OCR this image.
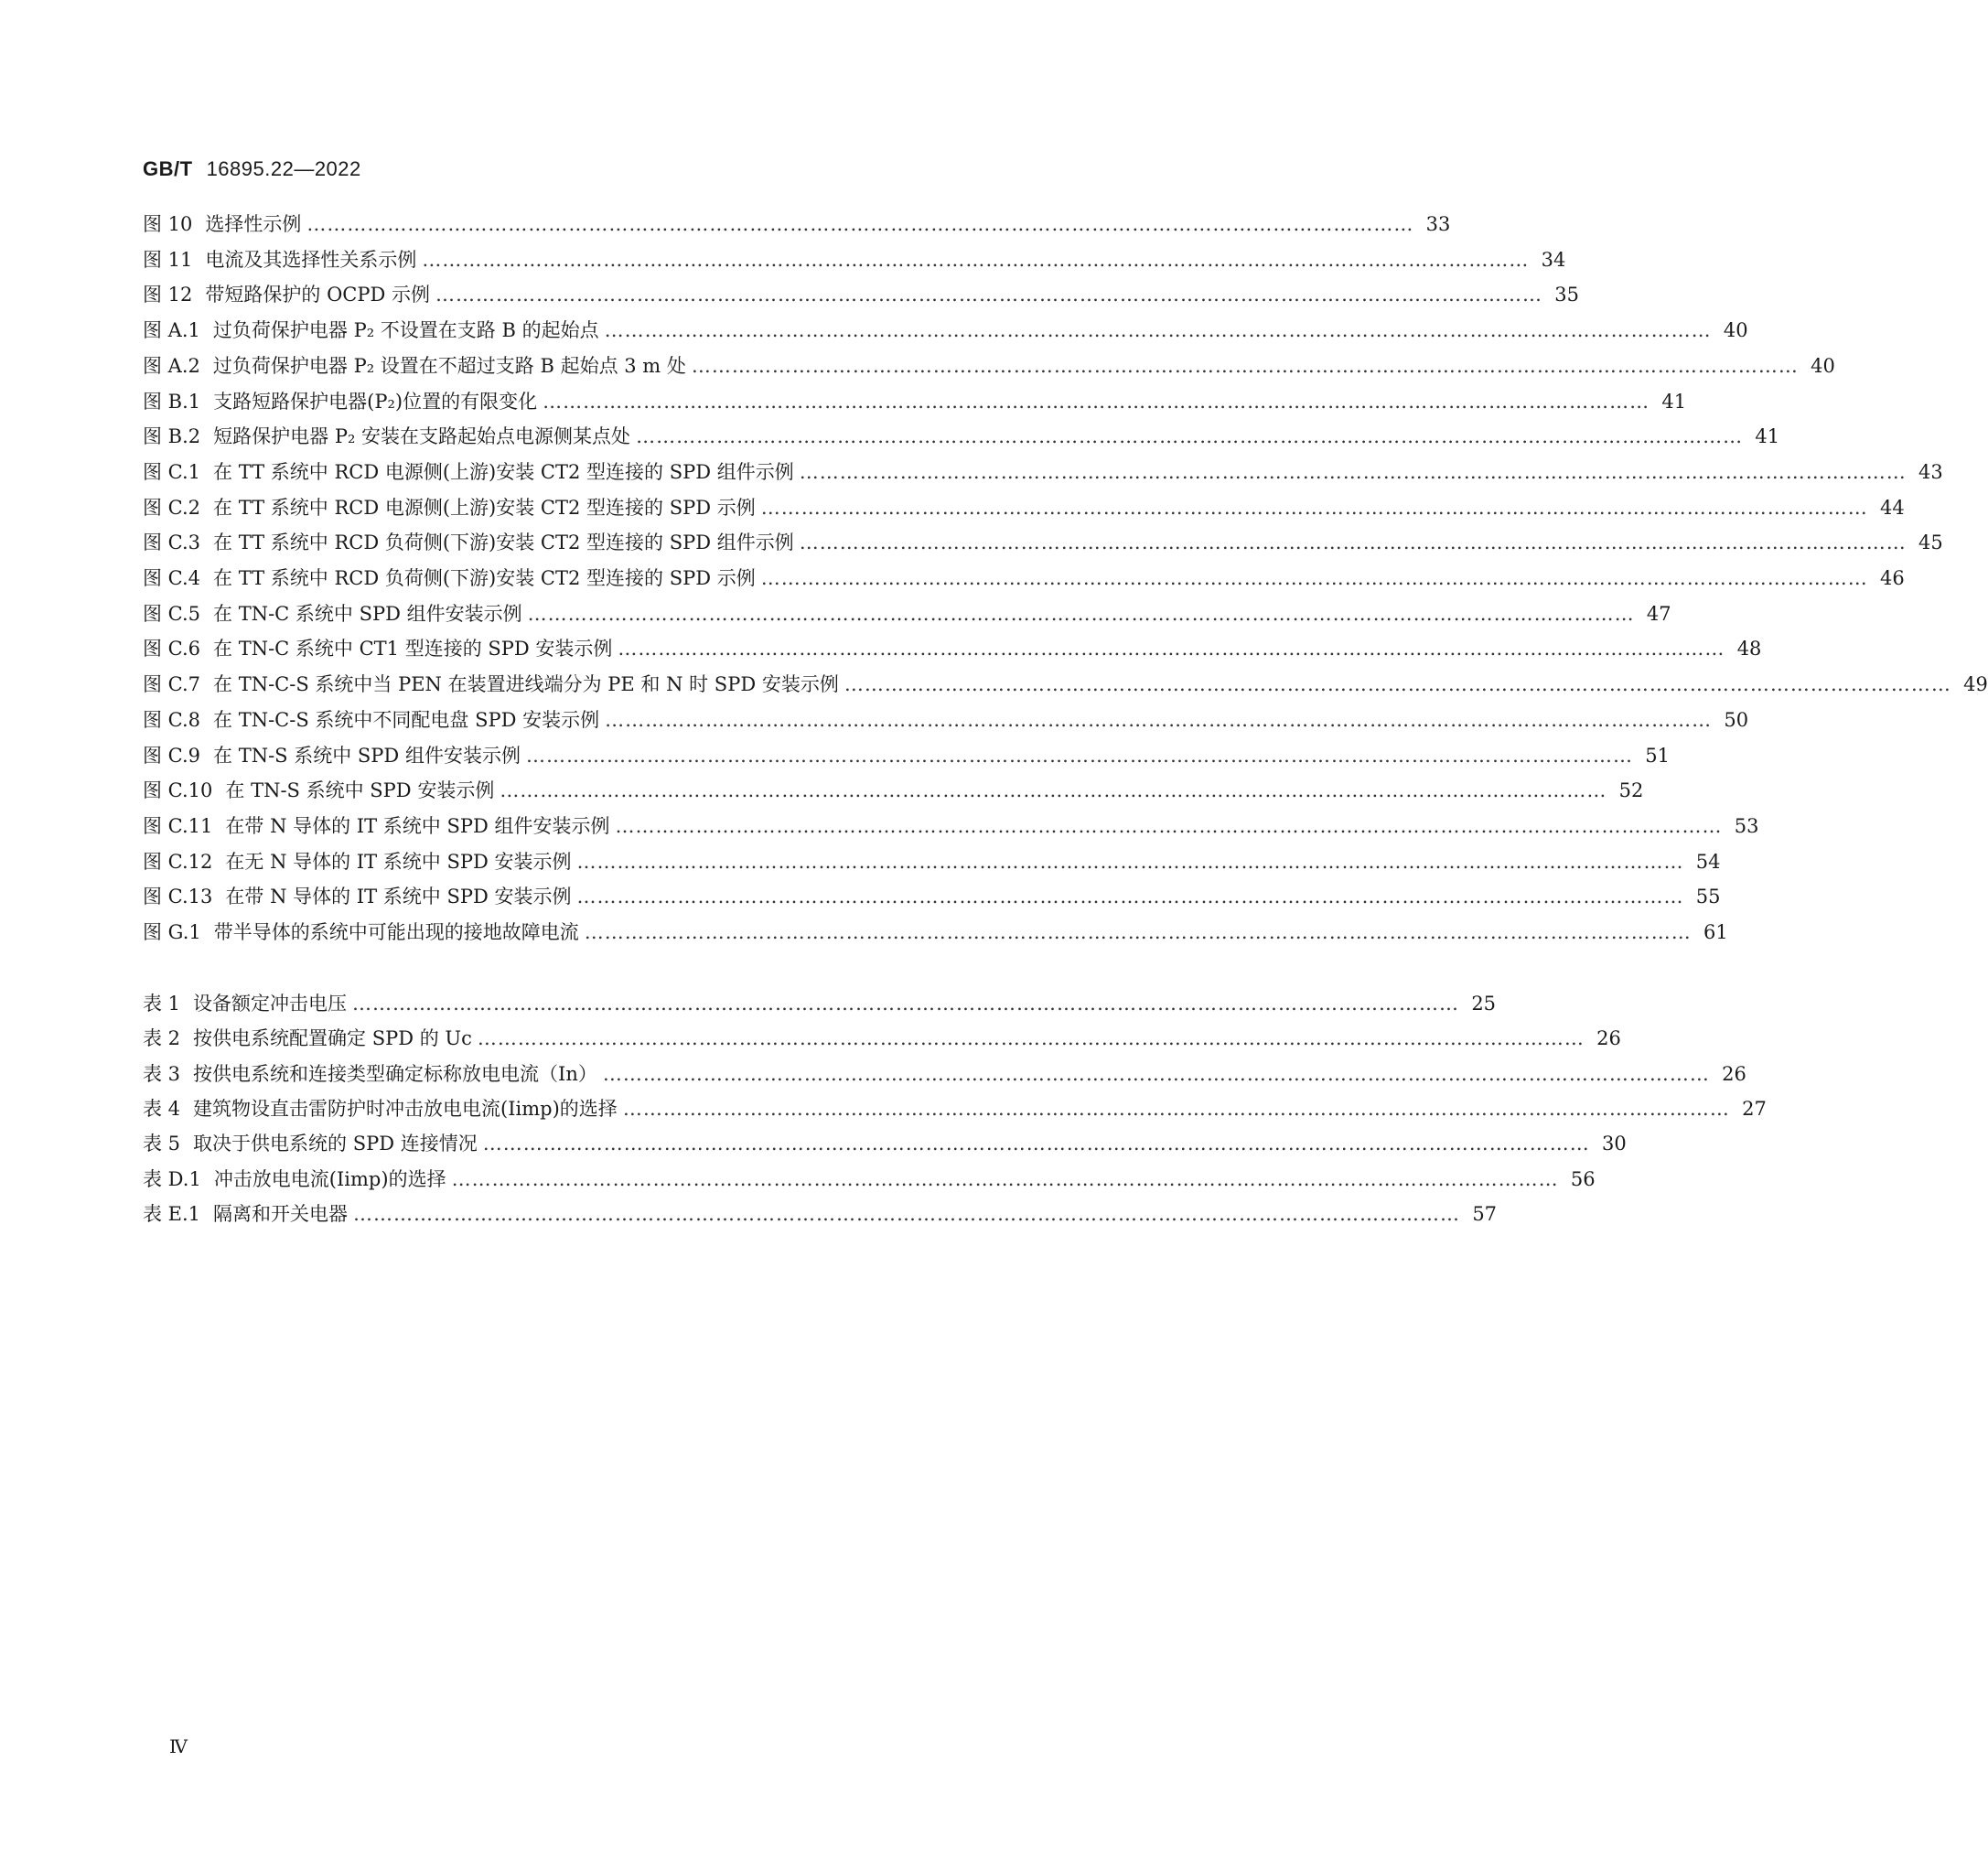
GB/T 16895.22—2022
图 10 选择性示例 …………………………………………………………………………………………………………………………………………………	33
图 11 电流及其选择性关系示例 …………………………………………………………………………………………………………………………………………………	34
图 12 带短路保护的 OCPD 示例 …………………………………………………………………………………………………………………………………………………	35
图 A.1 过负荷保护电器 P₂ 不设置在支路 B 的起始点 …………………………………………………………………………………………………………………………………………………	40
图 A.2 过负荷保护电器 P₂ 设置在不超过支路 B 起始点 3 m 处 …………………………………………………………………………………………………………………………………………………	40
图 B.1 支路短路保护电器(P₂)位置的有限变化 …………………………………………………………………………………………………………………………………………………	41
图 B.2 短路保护电器 P₂ 安装在支路起始点电源侧某点处 …………………………………………………………………………………………………………………………………………………	41
图 C.1 在 TT 系统中 RCD 电源侧(上游)安装 CT2 型连接的 SPD 组件示例 …………………………………………………………………………………………………………………………………………………	43
图 C.2 在 TT 系统中 RCD 电源侧(上游)安装 CT2 型连接的 SPD 示例 …………………………………………………………………………………………………………………………………………………	44
图 C.3 在 TT 系统中 RCD 负荷侧(下游)安装 CT2 型连接的 SPD 组件示例 …………………………………………………………………………………………………………………………………………………	45
图 C.4 在 TT 系统中 RCD 负荷侧(下游)安装 CT2 型连接的 SPD 示例 …………………………………………………………………………………………………………………………………………………	46
图 C.5 在 TN-C 系统中 SPD 组件安装示例 …………………………………………………………………………………………………………………………………………………	47
图 C.6 在 TN-C 系统中 CT1 型连接的 SPD 安装示例 …………………………………………………………………………………………………………………………………………………	48
图 C.7 在 TN-C-S 系统中当 PEN 在装置进线端分为 PE 和 N 时 SPD 安装示例 …………………………………………………………………………………………………………………………………………………	49
图 C.8 在 TN-C-S 系统中不同配电盘 SPD 安装示例 …………………………………………………………………………………………………………………………………………………	50
图 C.9 在 TN-S 系统中 SPD 组件安装示例 …………………………………………………………………………………………………………………………………………………	51
图 C.10 在 TN-S 系统中 SPD 安装示例 …………………………………………………………………………………………………………………………………………………	52
图 C.11 在带 N 导体的 IT 系统中 SPD 组件安装示例 …………………………………………………………………………………………………………………………………………………	53
图 C.12 在无 N 导体的 IT 系统中 SPD 安装示例 …………………………………………………………………………………………………………………………………………………	54
图 C.13 在带 N 导体的 IT 系统中 SPD 安装示例 …………………………………………………………………………………………………………………………………………………	55
图 G.1 带半导体的系统中可能出现的接地故障电流 …………………………………………………………………………………………………………………………………………………	61
表 1 设备额定冲击电压 …………………………………………………………………………………………………………………………………………………	25
表 2 按供电系统配置确定 SPD 的 Uc …………………………………………………………………………………………………………………………………………………	26
表 3 按供电系统和连接类型确定标称放电电流（In） …………………………………………………………………………………………………………………………………………………	26
表 4 建筑物设直击雷防护时冲击放电电流(Iimp)的选择 …………………………………………………………………………………………………………………………………………………	27
表 5 取决于供电系统的 SPD 连接情况 …………………………………………………………………………………………………………………………………………………	30
表 D.1 冲击放电电流(Iimp)的选择 …………………………………………………………………………………………………………………………………………………	56
表 E.1 隔离和开关电器 …………………………………………………………………………………………………………………………………………………	57
Ⅳ
